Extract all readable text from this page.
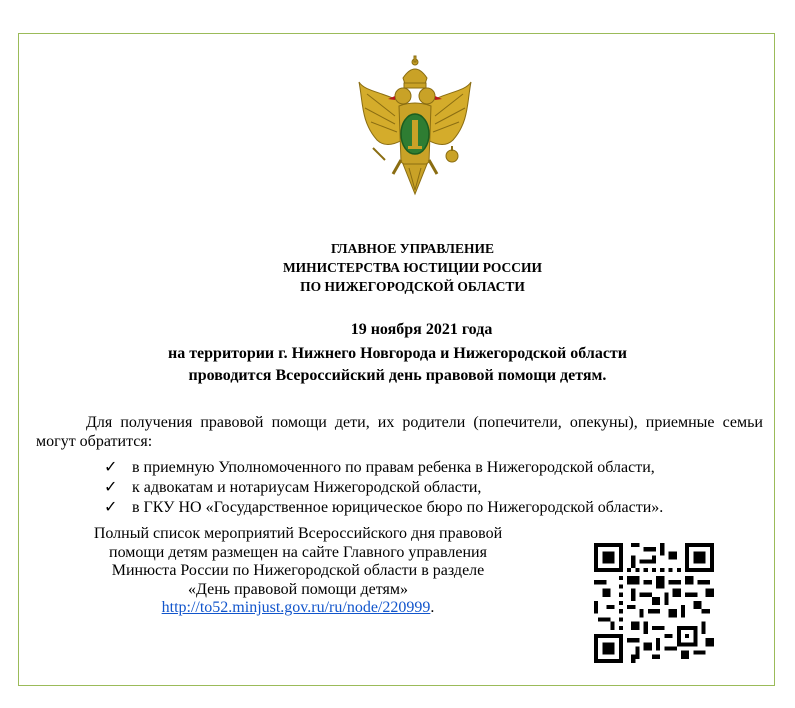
ГЛАВНОЕ УПРАВЛЕНИЕ
МИНИСТЕРСТВА ЮСТИЦИИ РОССИИ
ПО НИЖЕГОРОДСКОЙ ОБЛАСТИ
19 ноября 2021 года
на территории г. Нижнего Новгорода и Нижегородской области
проводится Всероссийский день правовой помощи детям.
Для получения правовой помощи дети, их родители (попечители, опекуны), приемные семьи могут обратится:
✓ в приемную Уполномоченного по правам ребенка в Нижегородской области,
✓ к адвокатам и нотариусам Нижегородской области,
✓ в ГКУ НО «Государственное юрицическое бюро по Нижегородской области».
Полный список мероприятий Всероссийского дня правовой
помощи детям размещен на сайте Главного управления
Минюста России по Нижегородской области в разделе
«День правовой помощи детям»
http://to52.minjust.gov.ru/ru/node/220999.
